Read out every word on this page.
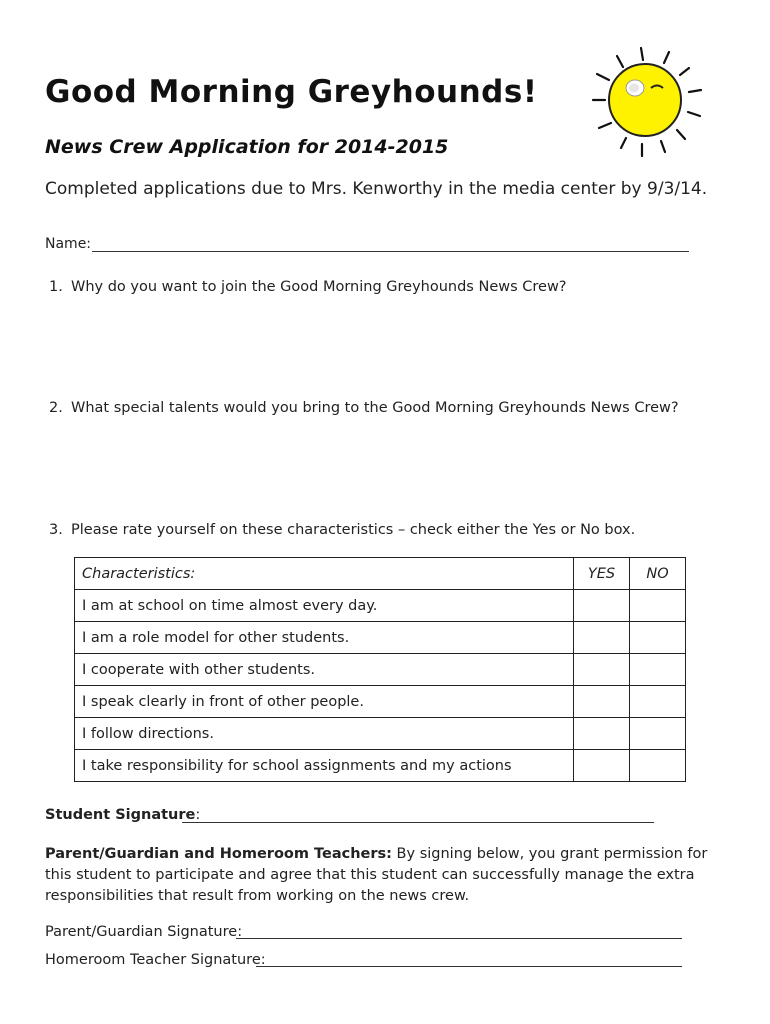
Good Morning Greyhounds!
News Crew Application for 2014-2015
Completed applications due to Mrs. Kenworthy in the media center by 9/3/14.
Name:
1. Why do you want to join the Good Morning Greyhounds News Crew?
2. What special talents would you bring to the Good Morning Greyhounds News Crew?
3. Please rate yourself on these characteristics – check either the Yes or No box.
Characteristics:	YES	NO
I am at school on time almost every day.		
I am a role model for other students.		
I cooperate with other students.		
I speak clearly in front of other people.		
I follow directions.		
I take responsibility for school assignments and my actions		
Student Signature:
Parent/Guardian and Homeroom Teachers: By signing below, you grant permission for this student to participate and agree that this student can successfully manage the extra responsibilities that result from working on the news crew.
Parent/Guardian Signature:
Homeroom Teacher Signature:
